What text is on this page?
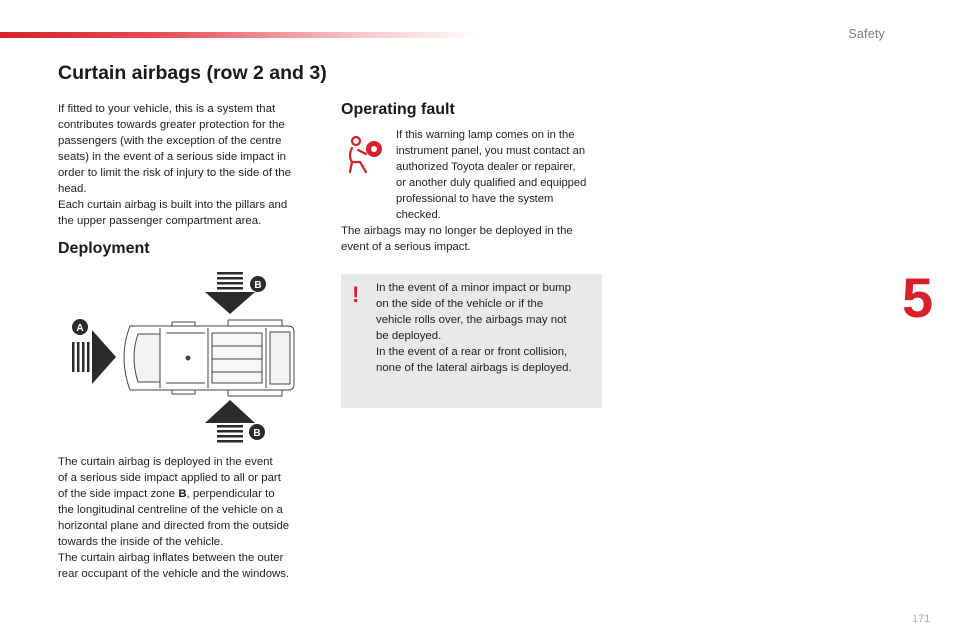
Safety
5
Curtain airbags (row 2 and 3)

If fitted to your vehicle, this is a system that

contributes towards greater protection for the

passengers (with the exception of the centre

seats) in the event of a serious side impact in

order to limit the risk of injury to the side of the

head.

Each curtain airbag is built into the pillars and

the upper passenger compartment area.

Deployment
B
B
A

The curtain airbag is deployed in the event

of a serious side impact applied to all or part

of the side impact zone B, perpendicular to

the longitudinal centreline of the vehicle on a

horizontal plane and directed from the outside

towards the inside of the vehicle.

The curtain airbag inflates between the outer

rear occupant of the vehicle and the windows.

Operating fault

If this warning lamp comes on in the

instrument panel, you must contact an

authorized Toyota dealer or repairer,

or another duly qualified and equipped

professional to have the system

checked.

The airbags may no longer be deployed in the

event of a serious impact.

! In the event of a minor impact or bump

on the side of the vehicle or if the

vehicle rolls over, the airbags may not

be deployed.

In the event of a rear or front collision,

none of the lateral airbags is deployed.

171
